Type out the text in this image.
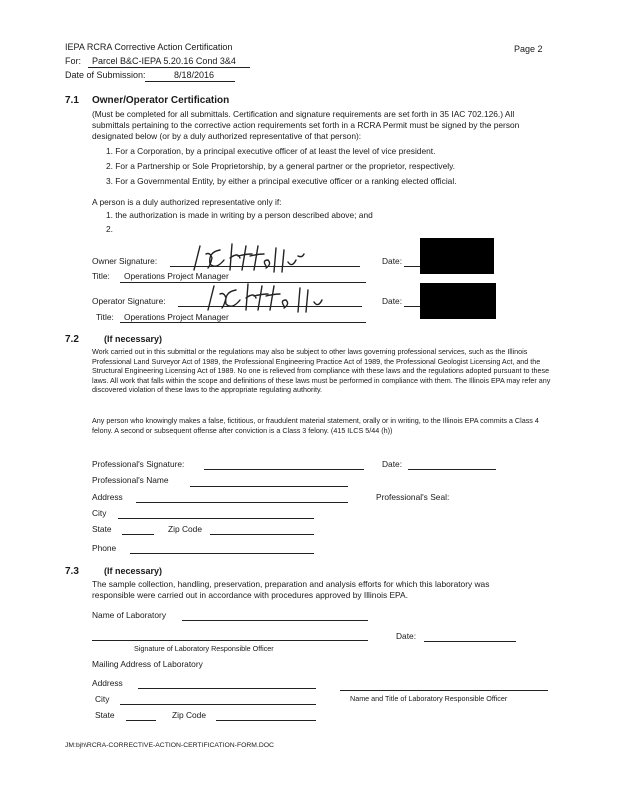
IEPA RCRA Corrective Action Certification	Page 2
For: Parcel B&C-IEPA 5.20.16 Cond 3&4
Date of Submission:	8/18/2016
7.1 Owner/Operator Certification
(Must be completed for all submittals. Certification and signature requirements are set forth in 35 IAC 702.126.) All submittals pertaining to the corrective action requirements set forth in a RCRA Permit must be signed by the person designated below (or by a duly authorized representative of that person):
1. For a Corporation, by a principal executive officer of at least the level of vice president.
2. For a Partnership or Sole Proprietorship, by a general partner or the proprietor, respectively.
3. For a Governmental Entity, by either a principal executive officer or a ranking elected official.
A person is a duly authorized representative only if:
1. the authorization is made in writing by a person described above; and
2.
Owner Signature:	Date:
Title: Operations Project Manager
Operator Signature:	Date:
Title: Operations Project Manager
7.2	(If necessary)
Work carried out in this submittal or the regulations may also be subject to other laws governing professional services, such as the Illinois Professional Land Surveyor Act of 1989, the Professional Engineering Practice Act of 1989, the Professional Geologist Licensing Act, and the Structural Engineering Licensing Act of 1989. No one is relieved from compliance with these laws and the regulations adopted pursuant to these laws. All work that falls within the scope and definitions of these laws must be performed in compliance with them. The Illinois EPA may refer any discovered violation of these laws to the appropriate regulating authority.
Any person who knowingly makes a false, fictitious, or fraudulent material statement, orally or in writing, to the Illinois EPA commits a Class 4 felony. A second or subsequent offense after conviction is a Class 3 felony. (415 ILCS 5/44 (h))
Professional's Signature:	Date:
Professional's Name
Address	Professional's Seal:
City
State	Zip Code
Phone
7.3	(If necessary)
The sample collection, handling, preservation, preparation and analysis efforts for which this laboratory was responsible were carried out in accordance with procedures approved by Illinois EPA.
Name of Laboratory
Signature of Laboratory Responsible Officer
Date:
Mailing Address of Laboratory
Address
Name and Title of Laboratory Responsible Officer
City
State	Zip Code
JM:bjh\RCRA-CORRECTIVE-ACTION-CERTIFICATION-FORM.DOC
